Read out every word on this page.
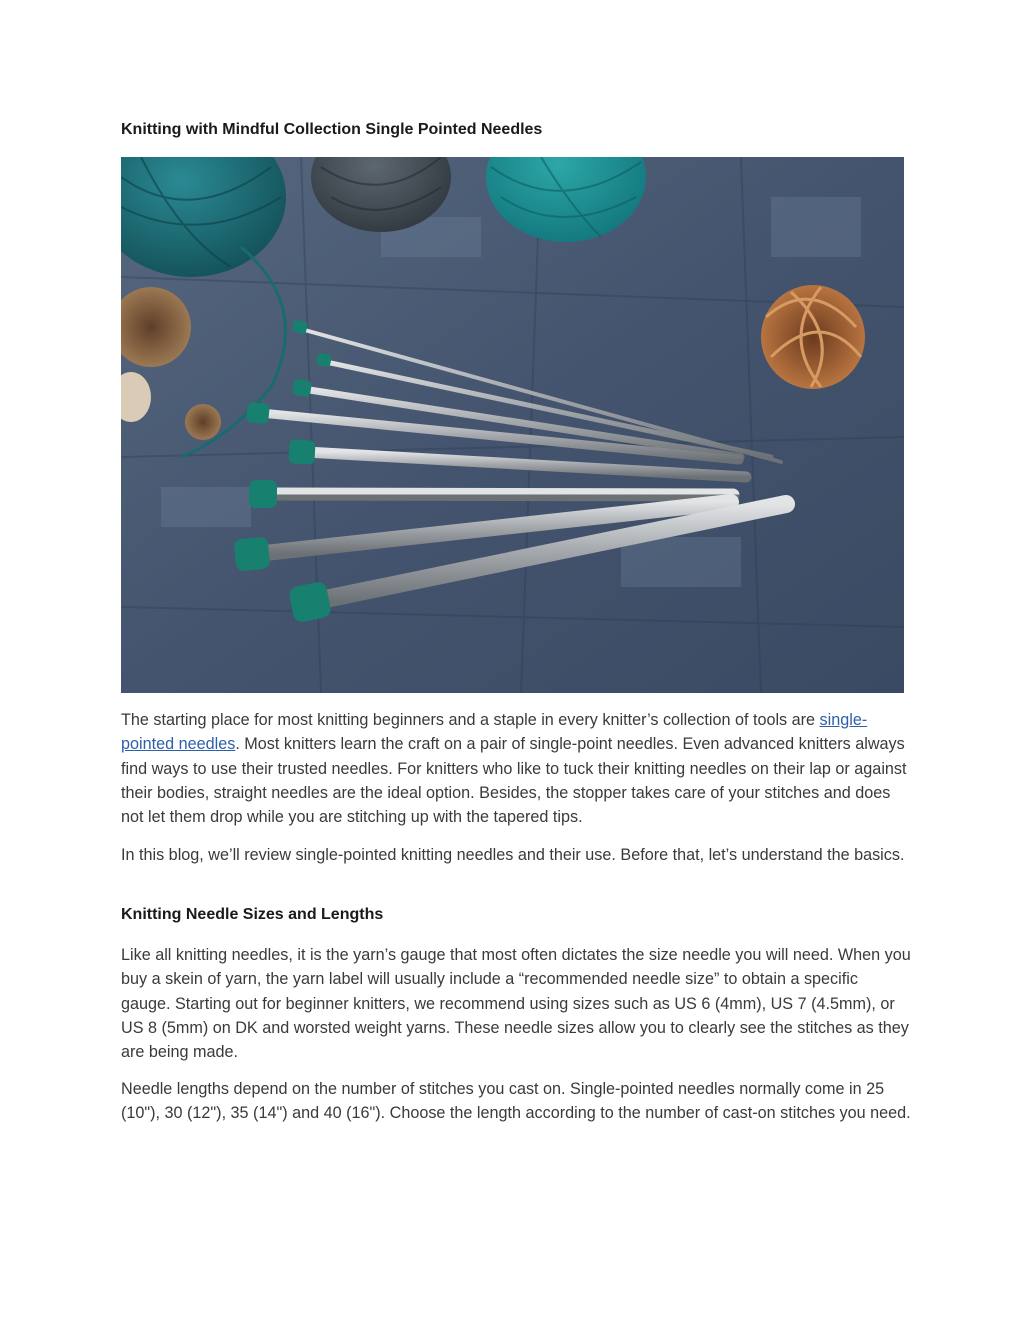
Knitting with Mindful Collection Single Pointed Needles

The starting place for most knitting beginners and a staple in every knitter’s collection of tools are single-pointed needles. Most knitters learn the craft on a pair of single-point needles. Even advanced knitters always find ways to use their trusted needles. For knitters who like to tuck their knitting needles on their lap or against their bodies, straight needles are the ideal option. Besides, the stopper takes care of your stitches and does not let them drop while you are stitching up with the tapered tips.

In this blog, we’ll review single-pointed knitting needles and their use. Before that, let’s understand the basics.

Knitting Needle Sizes and Lengths

Like all knitting needles, it is the yarn’s gauge that most often dictates the size needle you will need. When you buy a skein of yarn, the yarn label will usually include a “recommended needle size” to obtain a specific gauge. Starting out for beginner knitters, we recommend using sizes such as US 6 (4mm), US 7 (4.5mm), or US 8 (5mm) on DK and worsted weight yarns. These needle sizes allow you to clearly see the stitches as they are being made.

Needle lengths depend on the number of stitches you cast on. Single-pointed needles normally come in 25 (10"), 30 (12"), 35 (14") and 40 (16"). Choose the length according to the number of cast-on stitches you need.
